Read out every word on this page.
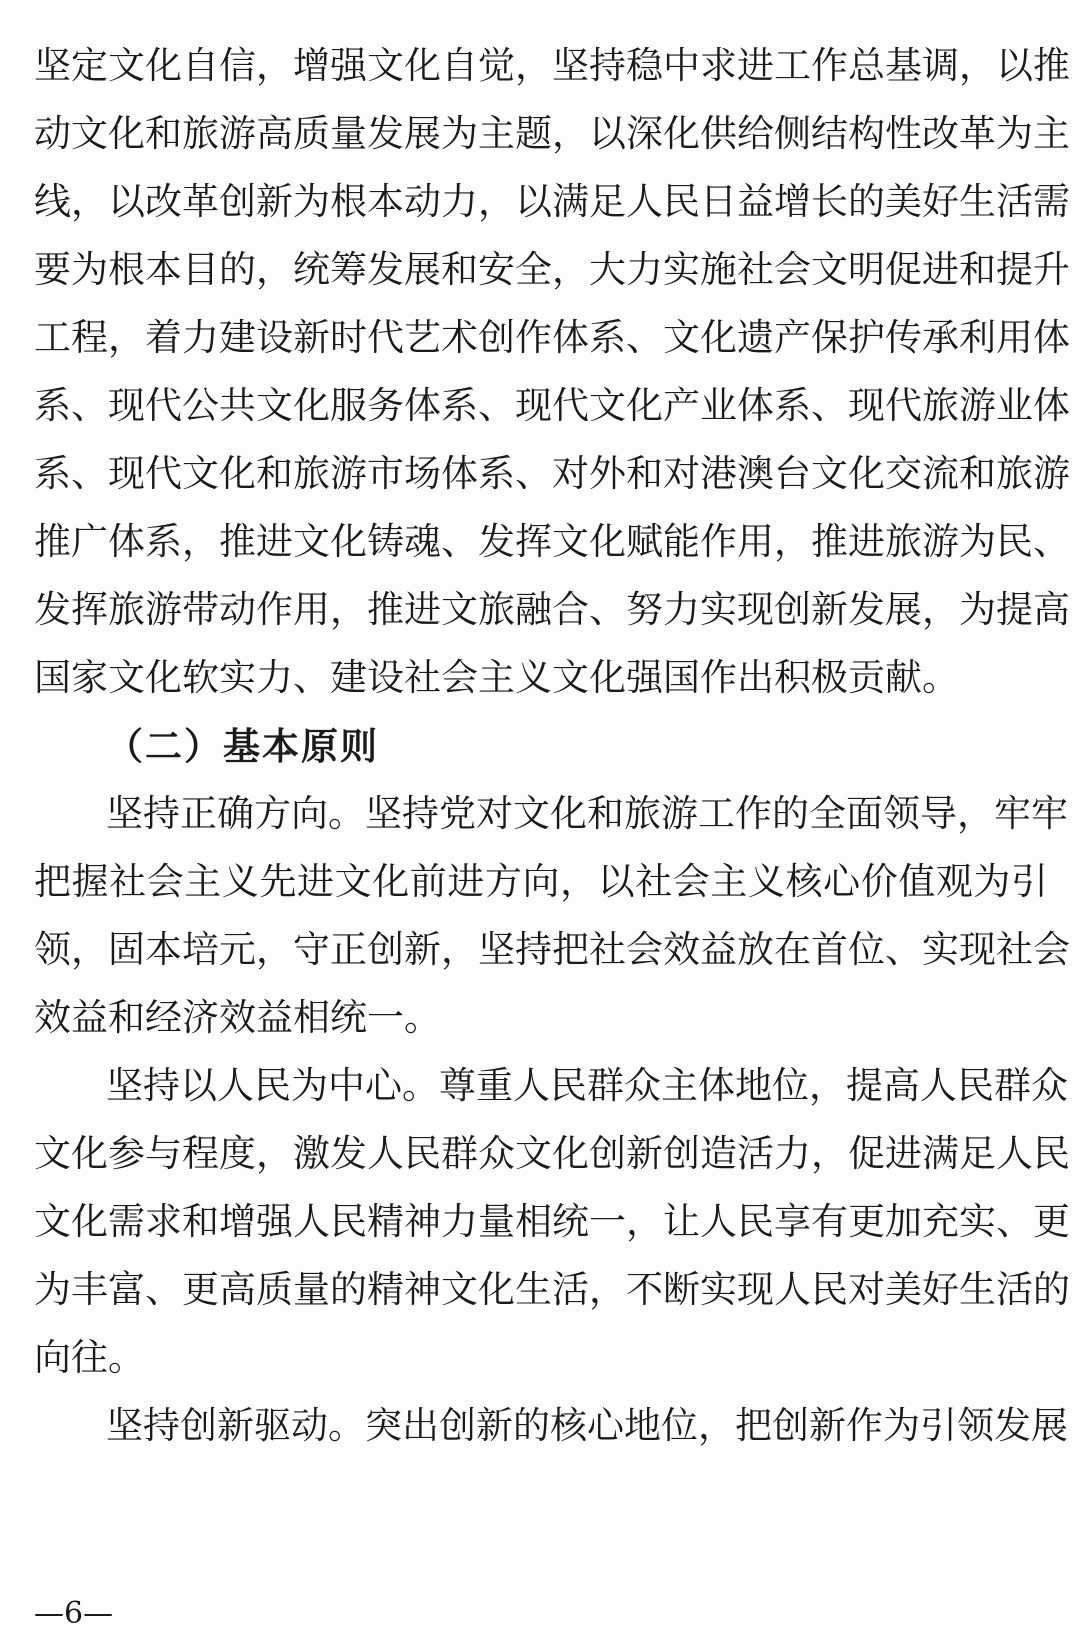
坚定文化自信，增强文化自觉，坚持稳中求进工作总基调，以推
动文化和旅游高质量发展为主题，以深化供给侧结构性改革为主
线，以改革创新为根本动力，以满足人民日益增长的美好生活需
要为根本目的，统筹发展和安全，大力实施社会文明促进和提升
工程，着力建设新时代艺术创作体系、文化遗产保护传承利用体
系、现代公共文化服务体系、现代文化产业体系、现代旅游业体
系、现代文化和旅游市场体系、对外和对港澳台文化交流和旅游
推广体系，推进文化铸魂、发挥文化赋能作用，推进旅游为民、
发挥旅游带动作用，推进文旅融合、努力实现创新发展，为提高
国家文化软实力、建设社会主义文化强国作出积极贡献。
（二）基本原则
坚持正确方向。坚持党对文化和旅游工作的全面领导，牢牢
把握社会主义先进文化前进方向，以社会主义核心价值观为引
领，固本培元，守正创新，坚持把社会效益放在首位、实现社会
效益和经济效益相统一。
坚持以人民为中心。尊重人民群众主体地位，提高人民群众
文化参与程度，激发人民群众文化创新创造活力，促进满足人民
文化需求和增强人民精神力量相统一，让人民享有更加充实、更
为丰富、更高质量的精神文化生活，不断实现人民对美好生活的
向往。
坚持创新驱动。突出创新的核心地位，把创新作为引领发展
—6—
